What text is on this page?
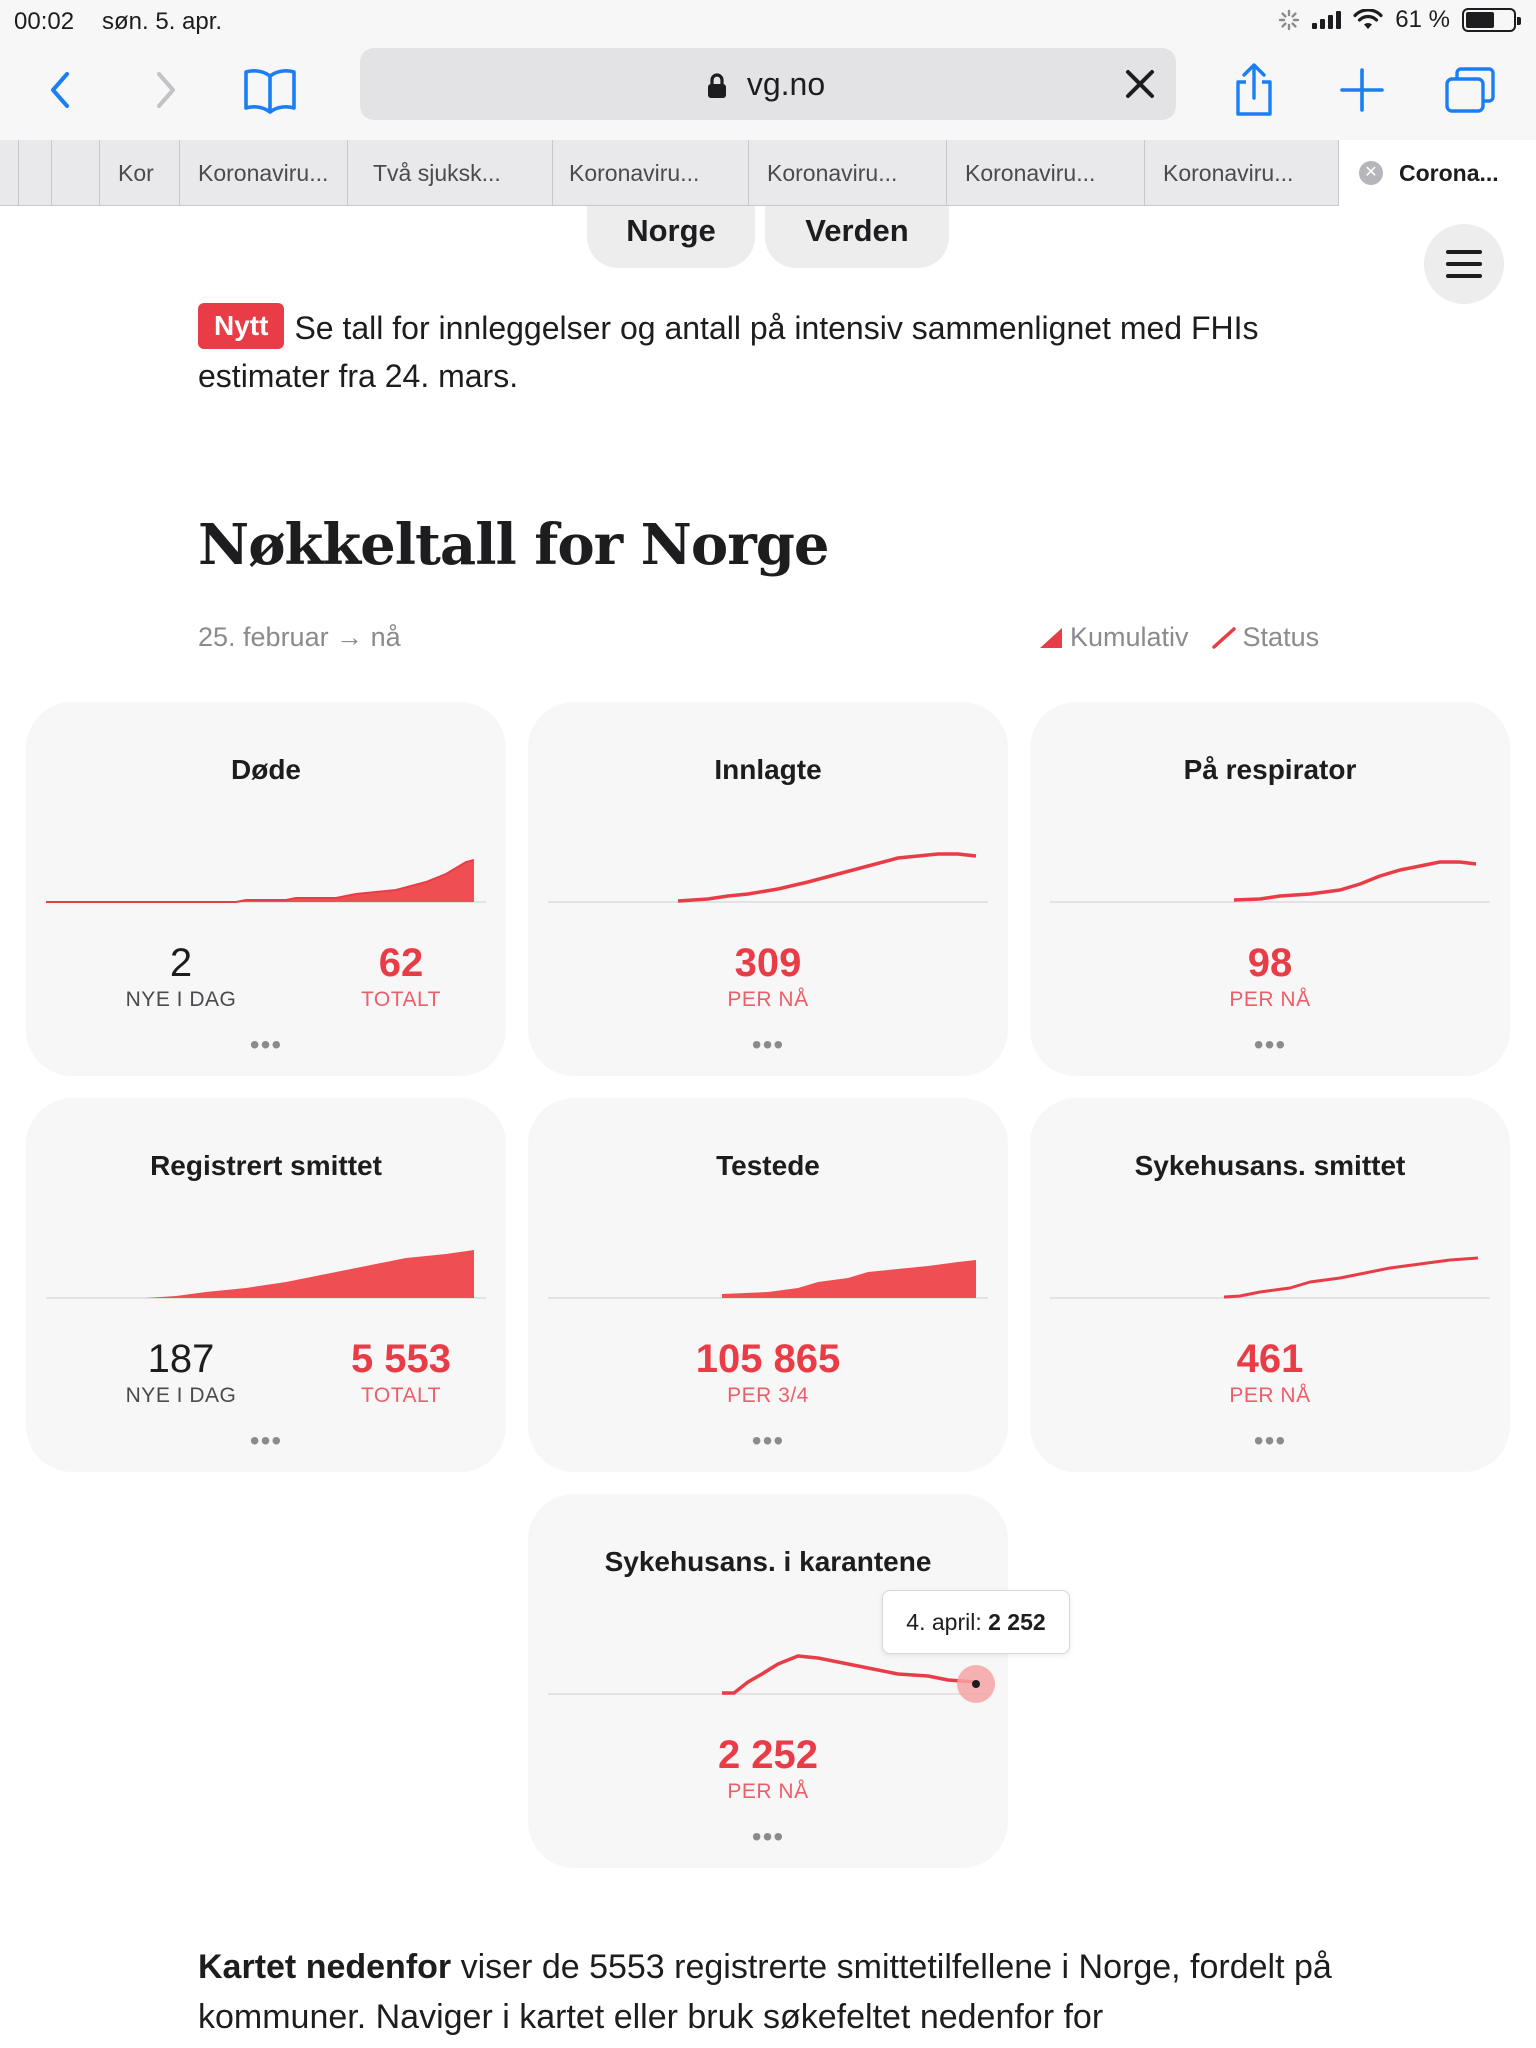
00:02 søn. 5. apr.	61 %
vg.no
Kor	Koronaviru...	Två sjuksk...	Koronaviru...	Koronaviru...	Koronaviru...	Koronaviru...	✕ Corona...
Norge	Verden
Nytt Se tall for innleggelser og antall på intensiv sammenlignet med FHIs estimater fra 24. mars.
Nøkkeltall for Norge
25. februar → nå	Kumulativ Status
Døde
2
NYE I DAG
62
TOTALT
•••
Innlagte
309
PER NÅ
•••
På respirator
98
PER NÅ
•••
Registrert smittet
187
NYE I DAG
5 553
TOTALT
•••
Testede
105 865
PER 3/4
•••
Sykehusans. smittet
461
PER NÅ
•••
Sykehusans. i karantene
2 252
PER NÅ
•••
4. april: 2 252
Kartet nedenfor viser de 5553 registrerte smittetilfellene i Norge, fordelt på kommuner. Naviger i kartet eller bruk søkefeltet nedenfor for
